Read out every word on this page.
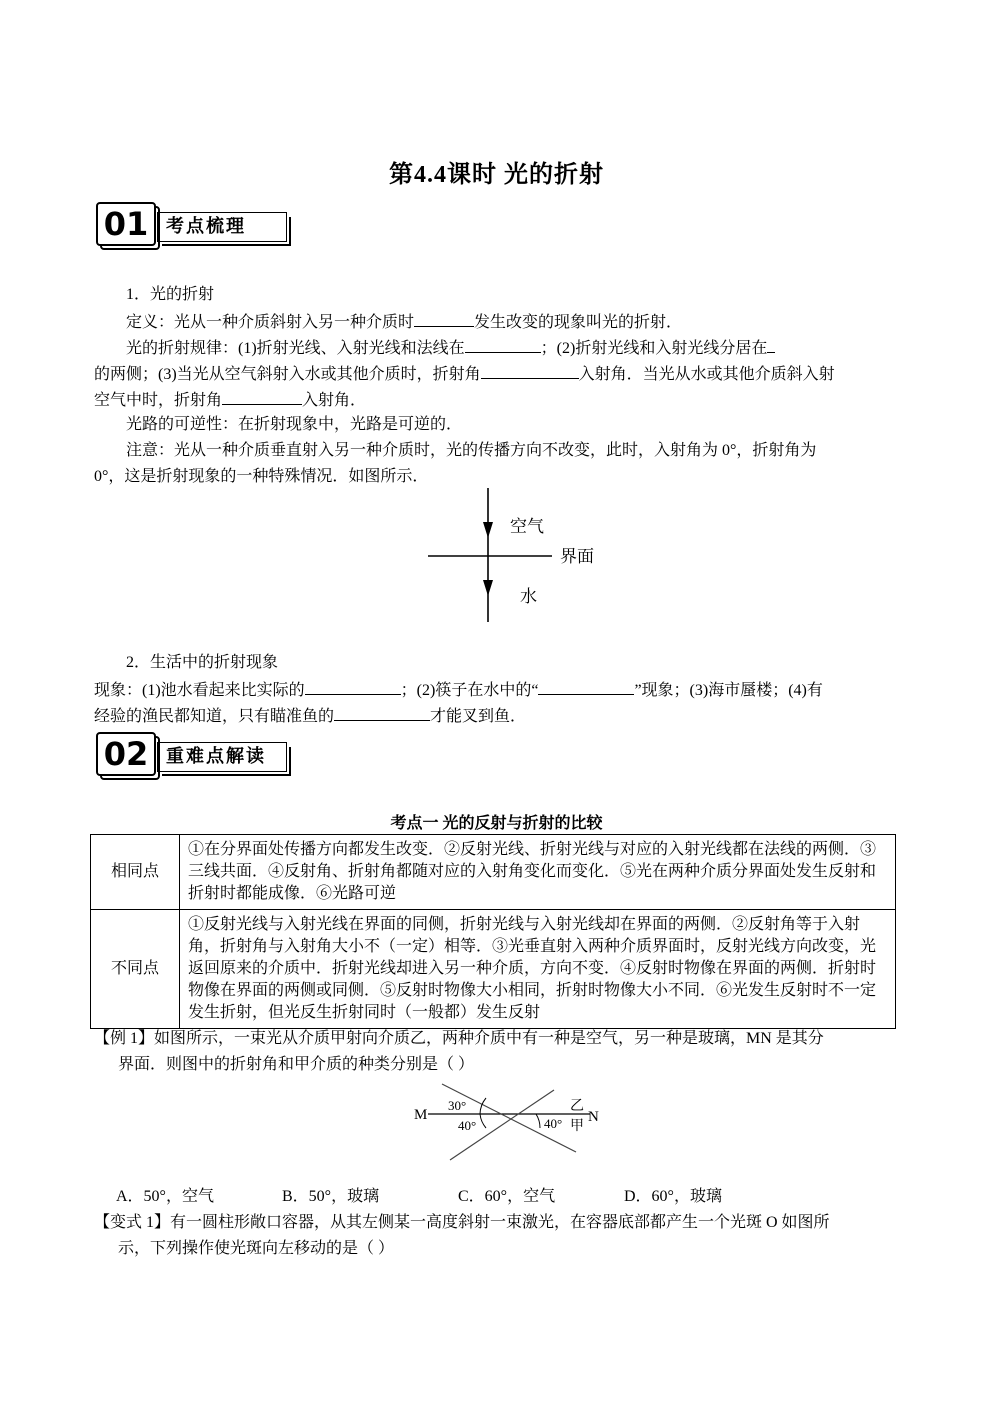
第4.4课时 光的折射
01 考点梳理
1．光的折射
定义：光从一种介质斜射入另一种介质时	发生改变的现象叫光的折射．
光的折射规律：(1)折射光线、入射光线和法线在	；(2)折射光线和入射光线分居在
的两侧；(3)当光从空气斜射入水或其他介质时，折射角	入射角．当光从水或其他介质斜入射
空气中时，折射角	入射角．
光路的可逆性：在折射现象中，光路是可逆的．
注意：光从一种介质垂直射入另一种介质时，光的传播方向不改变，此时，入射角为 0°，折射角为
0°，这是折射现象的一种特殊情况．如图所示．
空气
界面
水
2．生活中的折射现象
现象：(1)池水看起来比实际的	；(2)筷子在水中的“	”现象；(3)海市蜃楼；(4)有
经验的渔民都知道，只有瞄准鱼的	才能叉到鱼．
02 重难点解读
考点一 光的反射与折射的比较
相同点	①在分界面处传播方向都发生改变．②反射光线、折射光线与对应的入射光线都在法线的两侧．③三线共面．④反射角、折射角都随对应的入射角变化而变化．⑤光在两种介质分界面处发生反射和折射时都能成像．⑥光路可逆
不同点	①反射光线与入射光线在界面的同侧，折射光线与入射光线却在界面的两侧．②反射角等于入射角，折射角与入射角大小不（一定）相等．③光垂直射入两种介质界面时，反射光线方向改变，光返回原来的介质中．折射光线却进入另一种介质，方向不变．④反射时物像在界面的两侧．折射时物像在界面的两侧或同侧．⑤反射时物像大小相同，折射时物像大小不同．⑥光发生反射时不一定发生折射，但光反生折射同时（一般都）发生反射
【例 1】如图所示，一束光从介质甲射向介质乙，两种介质中有一种是空气，另一种是玻璃，MN 是其分
界面．则图中的折射角和甲介质的种类分别是（ ）
M
30°
40°	40°
乙
甲
N
A．50°，空气	B．50°，玻璃	C．60°，空气	D．60°，玻璃
【变式 1】有一圆柱形敞口容器，从其左侧某一高度斜射一束激光，在容器底部都产生一个光斑 O 如图所
示，下列操作使光斑向左移动的是（ ）
